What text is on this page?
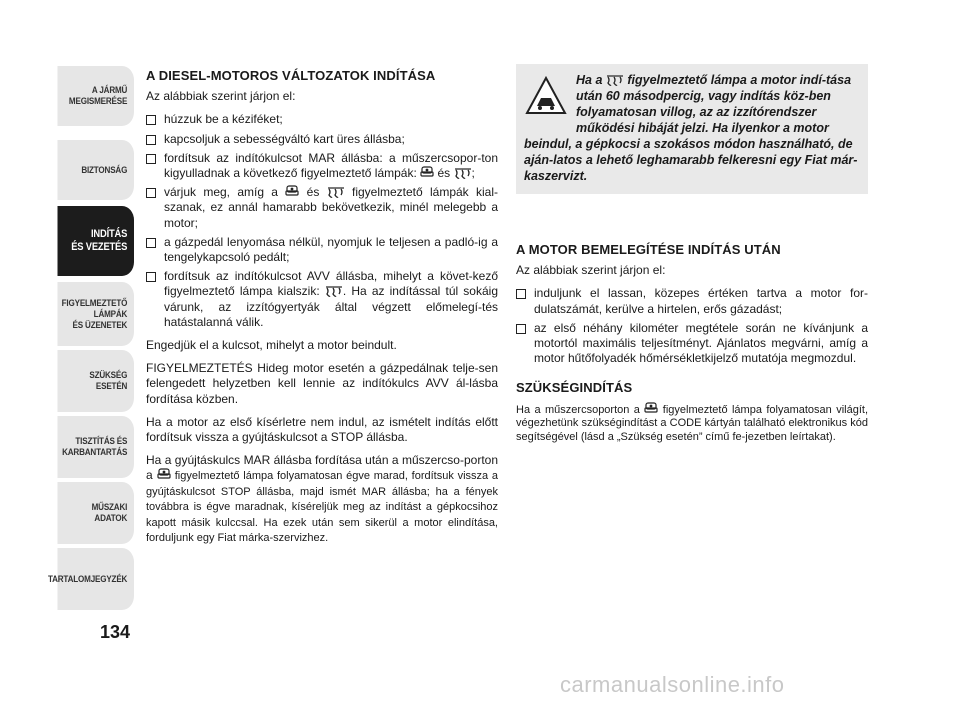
A JÁRMŰ
MEGISMERÉSE
BIZTONSÁG
INDÍTÁS
ÉS VEZETÉS
FIGYELMEZTETŐ
LÁMPÁK
ÉS ÜZENETEK
SZÜKSÉG
ESETÉN
TISZTÍTÁS ÉS
KARBANTARTÁS
MŰSZAKI
ADATOK
TARTALOMJEGYZÉK
134
A DIESEL-MOTOROS VÁLTOZATOK INDÍTÁSA

Az alábbiak szerint járjon el:

húzzuk be a kéziféket;
kapcsoljuk a sebességváltó kart üres állásba;
fordítsuk az indítókulcsot MAR állásba: a műszercsopor-ton kigyulladnak a következő figyelmeztető lámpák: és ;
várjuk meg, amíg a és	figyelmeztető lámpák kial-szanak, ez annál hamarabb bekövetkezik, minél melegebb a motor;
a gázpedál lenyomása nélkül, nyomjuk le teljesen a padló-ig a tengelykapcsoló pedált;
fordítsuk az indítókulcsot AVV állásba, mihelyt a követ-kező figyelmeztető lámpa kialszik: . Ha az indítással túl sokáig várunk, az izzítógyertyák által végzett előmelegí-tés hatástalanná válik.

Engedjük el a kulcsot, mihelyt a motor beindult.

FIGYELMEZTETÉS Hideg motor esetén a gázpedálnak telje-sen felengedett helyzetben kell lennie az indítókulcs AVV ál-lásba fordítása közben.

Ha a motor az első kísérletre nem indul, az ismételt indítás előtt fordítsuk vissza a gyújtáskulcsot a STOP állásba.

Ha a gyújtáskulcs MAR állásba fordítása után a műszercso-porton a figyelmeztető lámpa folyamatosan égve marad, fordítsuk vissza a gyújtáskulcsot STOP állásba, majd ismét MAR állásba; ha a fények továbbra is égve maradnak, kíséreljük meg az indítást a gépkocsihoz kapott másik kulccsal. Ha ezek után sem sikerül a motor elindítása, forduljunk egy Fiat márka-szervizhez.

Ha a figyelmeztető lámpa a motor indí-tása után 60 másodpercig, vagy indítás köz-ben folyamatosan villog, az az izzítórendszer működési hibáját jelzi. Ha ilyenkor a motor beindul, a gépkocsi a szokásos módon használható, de aján-latos a lehető leghamarabb felkeresni egy Fiat már-kaszervizt.
A MOTOR BEMELEGÍTÉSE INDÍTÁS UTÁN

Az alábbiak szerint járjon el:

induljunk el lassan, közepes értéken tartva a motor for-dulatszámát, kerülve a hirtelen, erős gázadást;
az első néhány kilométer megtétele során ne kívánjunk a motortól maximális teljesítményt. Ajánlatos megvárni, amíg a motor hűtőfolyadék hőmérsékletkijelző mutatója megmozdul.
SZÜKSÉGINDÍTÁS

Ha a műszercsoporton a figyelmeztető lámpa folyamatosan világít, végezhetünk szükségindítást a CODE kártyán található elektronikus kód segítségével (lásd a „Szükség esetén” című fe-jezetben leírtakat).

carmanualsonline.info
